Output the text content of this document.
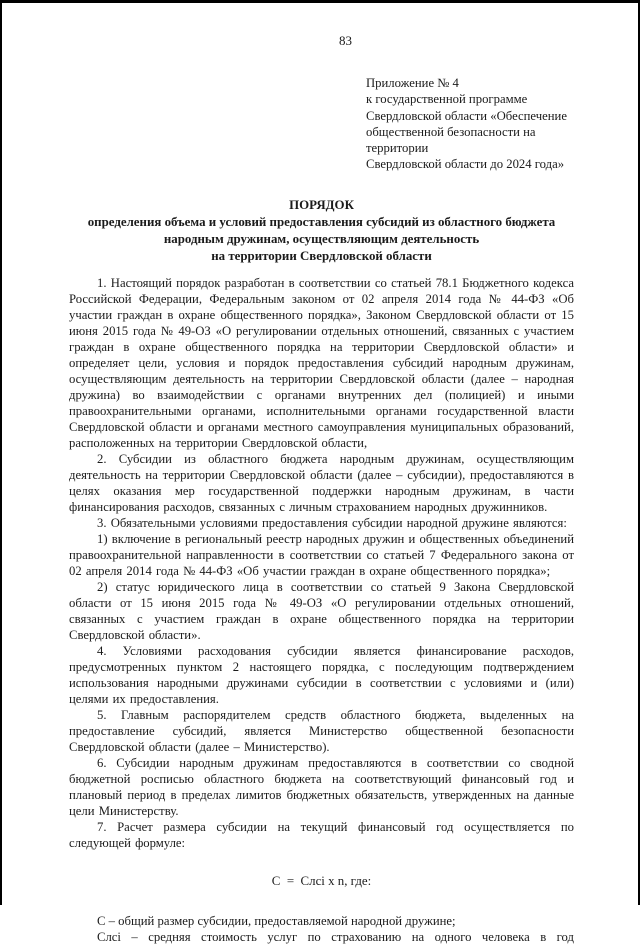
83
Приложение № 4
к государственной программе
Свердловской области «Обеспечение
общественной безопасности на территории
Свердловской области до 2024 года»
ПОРЯДОК
определения объема и условий предоставления субсидий из областного бюджета
народным дружинам, осуществляющим деятельность
на территории Свердловской области

1. Настоящий порядок разработан в соответствии со статьей 78.1 Бюджетного кодекса Российской Федерации, Федеральным законом от 02 апреля 2014 года № 44-ФЗ «Об участии граждан в охране общественного порядка», Законом Свердловской области от 15 июня 2015 года № 49-ОЗ «О регулировании отдельных отношений, связанных с участием граждан в охране общественного порядка на территории Свердловской области» и определяет цели, условия и порядок предоставления субсидий народным дружинам, осуществляющим деятельность на территории Свердловской области (далее – народная дружина) во взаимодействии с органами внутренних дел (полицией) и иными правоохранительными органами, исполнительными органами государственной власти Свердловской области и органами местного самоуправления муниципальных образований, расположенных на территории Свердловской области,

2. Субсидии из областного бюджета народным дружинам, осуществляющим деятельность на территории Свердловской области (далее – субсидии), предоставляются в целях оказания мер государственной поддержки народным дружинам, в части финансирования расходов, связанных с личным страхованием народных дружинников.

3. Обязательными условиями предоставления субсидии народной дружине являются:

1) включение в региональный реестр народных дружин и общественных объединений правоохранительной направленности в соответствии со статьей 7 Федерального закона от 02 апреля 2014 года № 44-ФЗ «Об участии граждан в охране общественного порядка»;

2) статус юридического лица в соответствии со статьей 9 Закона Свердловской области от 15 июня 2015 года № 49-ОЗ «О регулировании отдельных отношений, связанных с участием граждан в охране общественного порядка на территории Свердловской области».

4. Условиями расходования субсидии является финансирование расходов, предусмотренных пунктом 2 настоящего порядка, с последующим подтверждением использования народными дружинами субсидии в соответствии с условиями и (или) целями их предоставления.

5. Главным распорядителем средств областного бюджета, выделенных на предоставление субсидий, является Министерство общественной безопасности Свердловской области (далее – Министерство).

6. Субсидии народным дружинам предоставляются в соответствии со сводной бюджетной росписью областного бюджета на соответствующий финансовый год и плановый период в пределах лимитов бюджетных обязательств, утвержденных на данные цели Министерству.

7. Расчет размера субсидии на текущий финансовый год осуществляется по следующей формуле:

С  =  Слсi x n, где:

С – общий размер субсидии, предоставляемой народной дружине;

Слсi – средняя стоимость услуг по страхованию на одного человека в год
